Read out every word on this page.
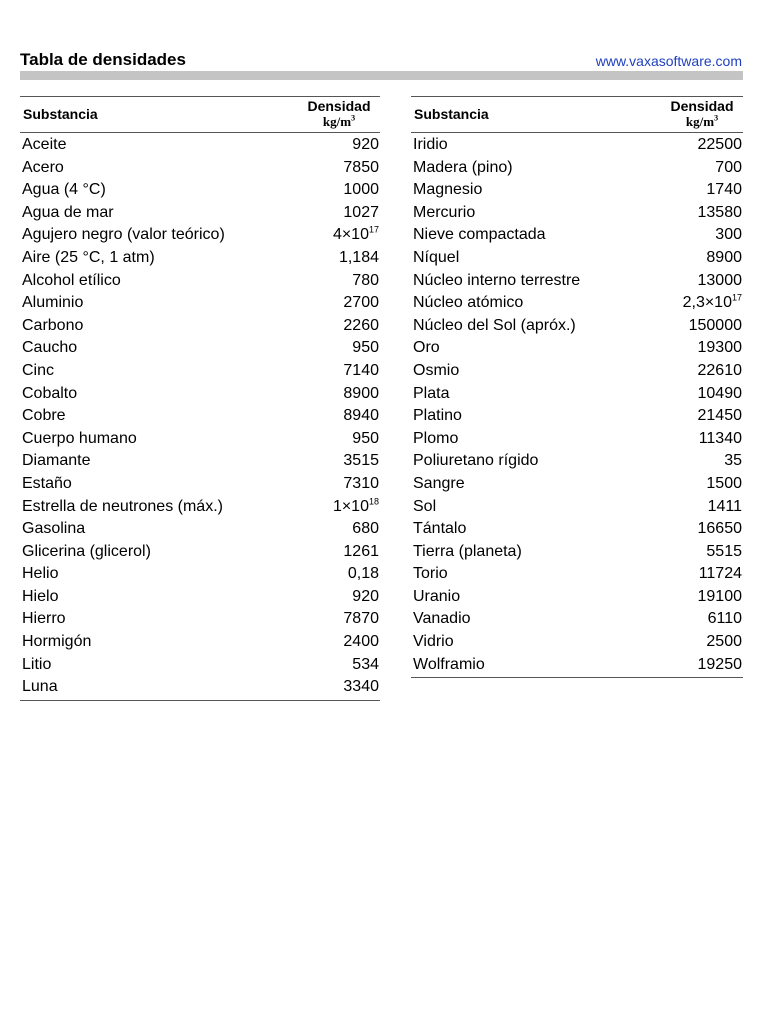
Tabla de densidades	www.vaxasoftware.com
Substancia	Densidad
$kg/m^3$
Aceite	920
Acero	7850
Agua (4 °C)	1000
Agua de mar	1027
Agujero negro (valor teórico)	$4\times 10^{17}$
Aire (25 °C, 1 atm)	1,184
Alcohol etílico	780
Aluminio	2700
Carbono	2260
Caucho	950
Cinc	7140
Cobalto	8900
Cobre	8940
Cuerpo humano	950
Diamante	3515
Estaño	7310
Estrella de neutrones (máx.)	$1\times 10^{18}$
Gasolina	680
Glicerina (glicerol)	1261
Helio	0,18
Hielo	920
Hierro	7870
Hormigón	2400
Litio	534
Luna	3340
Substancia	Densidad
$kg/m^3$
Iridio	22500
Madera (pino)	700
Magnesio	1740
Mercurio	13580
Nieve compactada	300
Níquel	8900
Núcleo interno terrestre	13000
Núcleo atómico	$2,3\times 10^{17}$
Núcleo del Sol (apróx.)	150000
Oro	19300
Osmio	22610
Plata	10490
Platino	21450
Plomo	11340
Poliuretano rígido	35
Sangre	1500
Sol	1411
Tántalo	16650
Tierra (planeta)	5515
Torio	11724
Uranio	19100
Vanadio	6110
Vidrio	2500
Wolframio	19250
